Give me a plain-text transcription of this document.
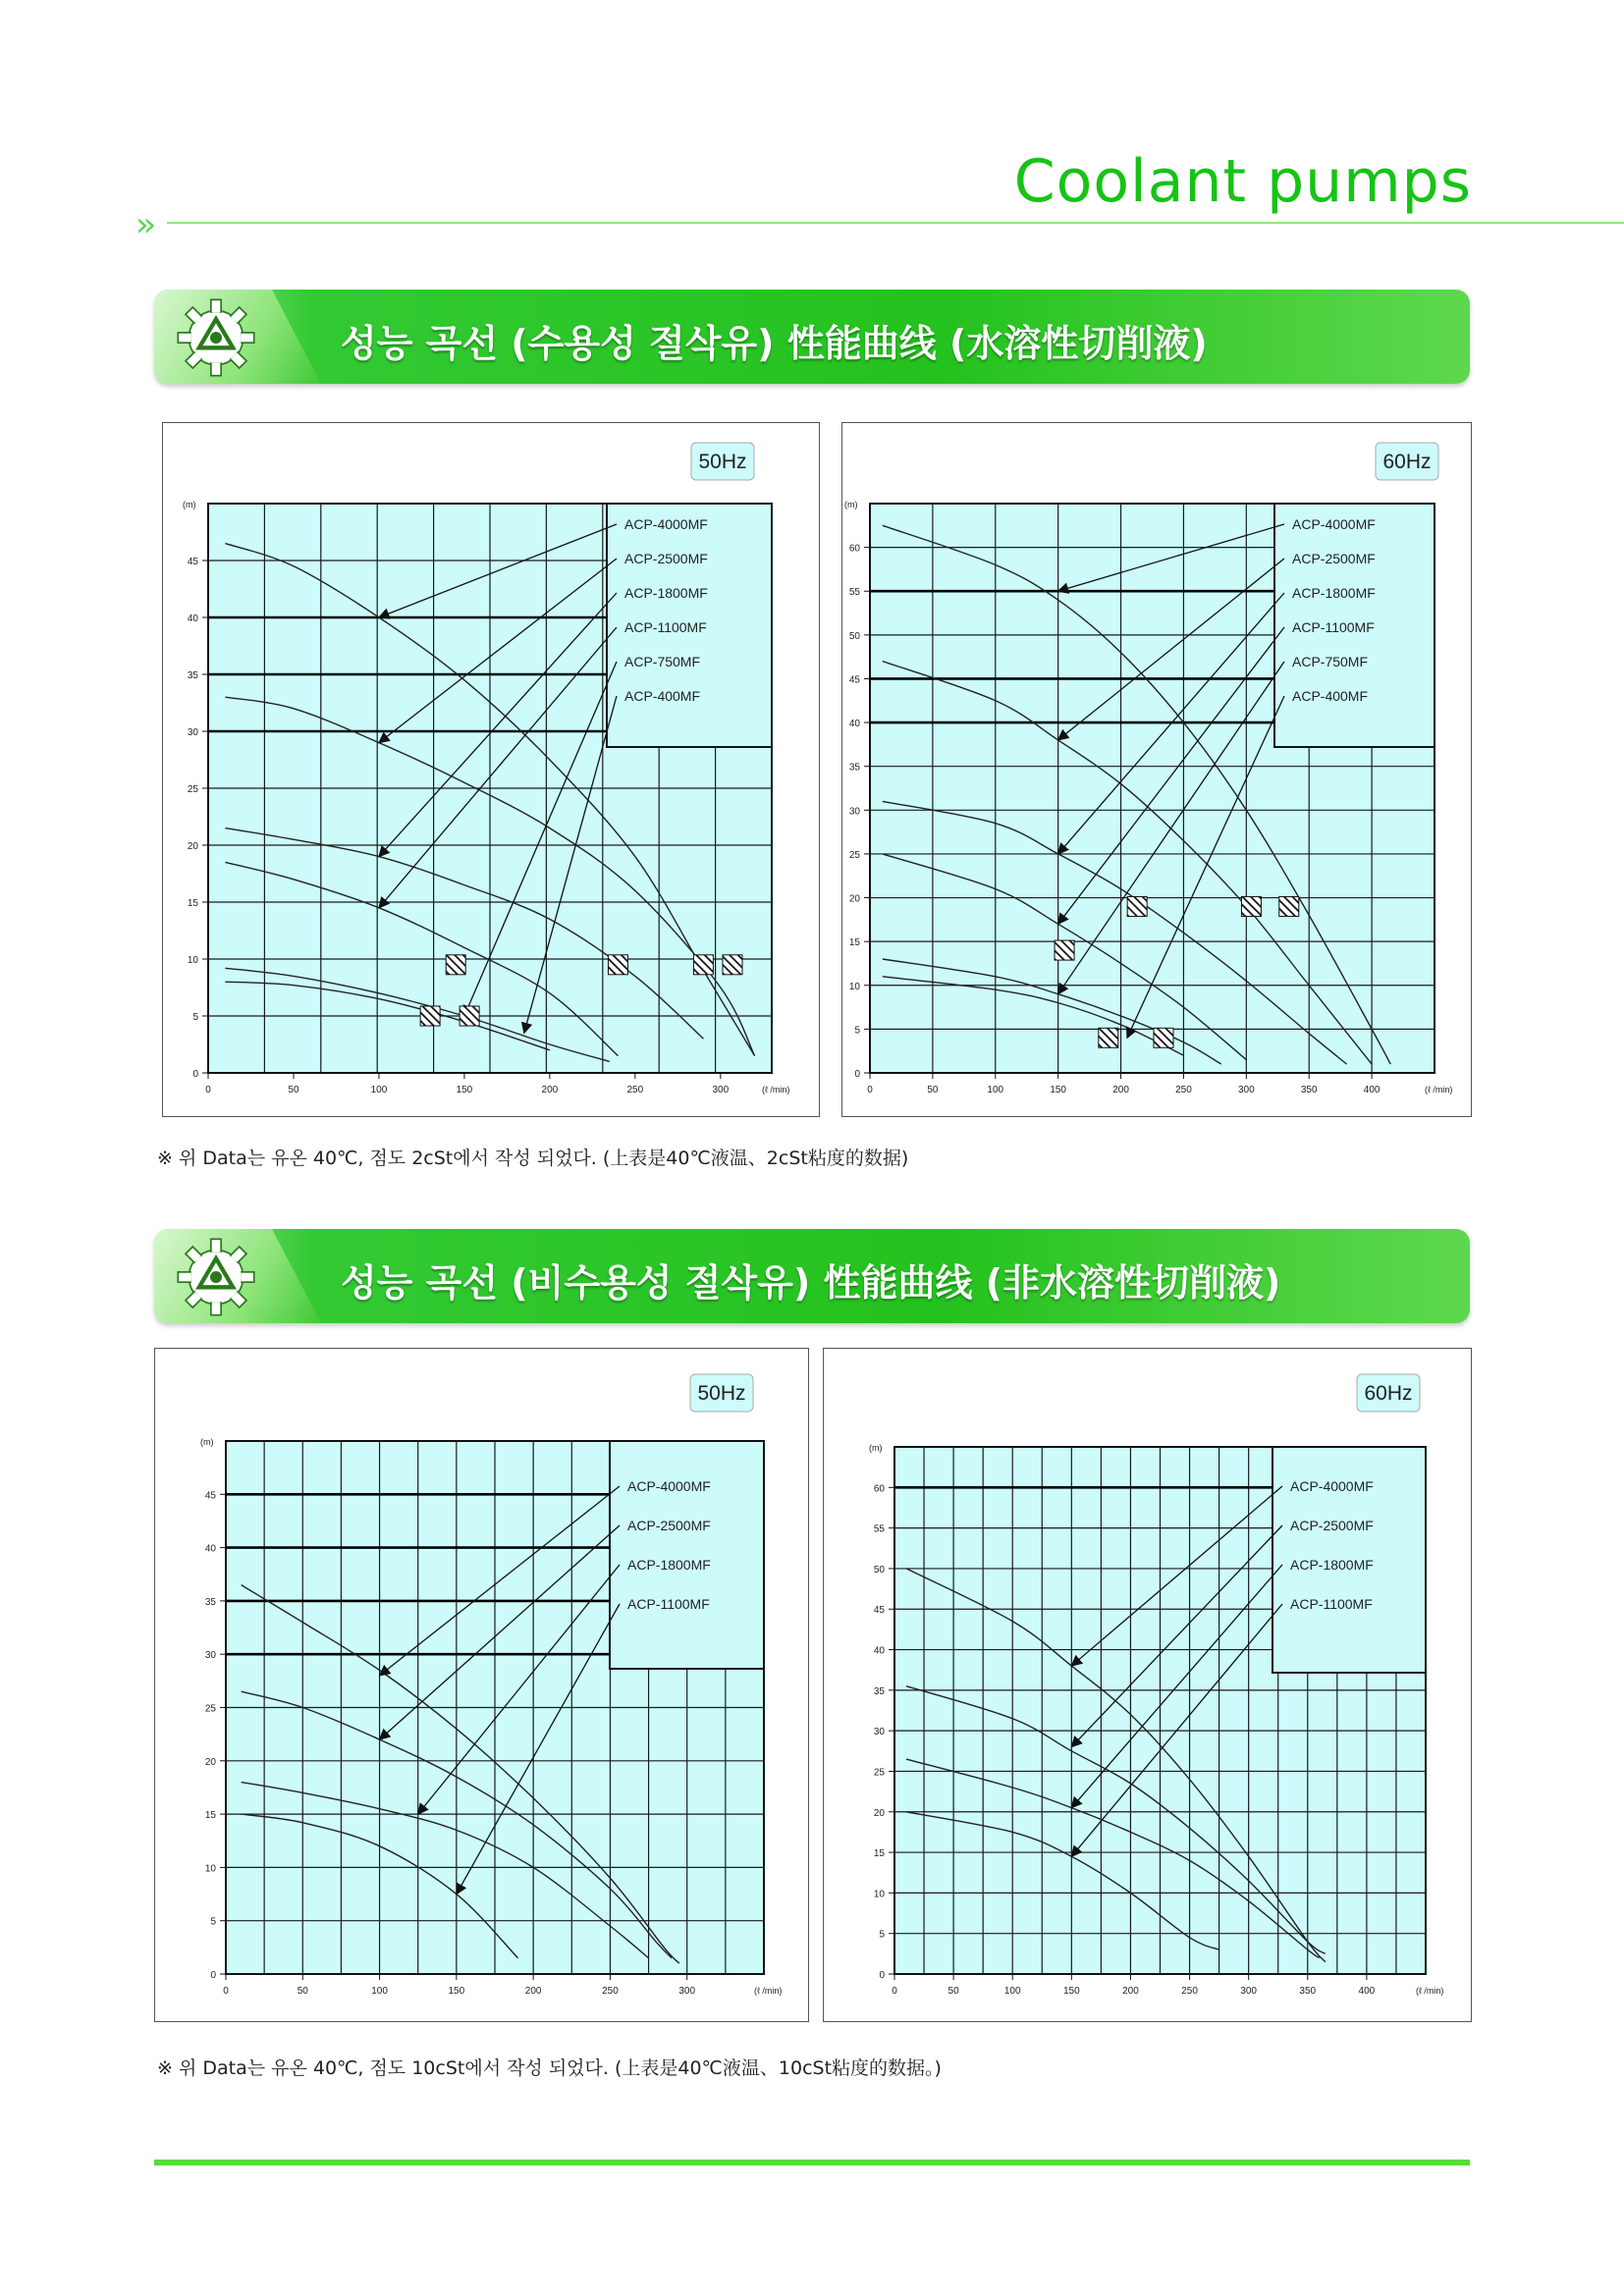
Coolant pumps
››
성능 곡선 (수용성 절삭유) 性能曲线 (水溶性切削液)
0
5
10
15
20
25
30
35
40
45
0	50	100	150	200	250	300
(m)
(ℓ /min)
50Hz
ACP-4000MF
ACP-2500MF
ACP-1800MF
ACP-1100MF
ACP-750MF
ACP-400MF
0
5
10
15
20
25
30
35
40
45
50
55
60
0	50	100	150	200	250	300	350	400
(m)
(ℓ /min)
60Hz
ACP-4000MF
ACP-2500MF
ACP-1800MF
ACP-1100MF
ACP-750MF
ACP-400MF
※ 위 Data는 유온 40℃, 점도 2cSt에서 작성 되었다. (上表是40℃液温、2cSt粘度的数据)
성능 곡선 (비수용성 절삭유) 性能曲线 (非水溶性切削液)
0
5
10
15
20
25
30
35
40
45
0	50	100	150	200	250	300
(m)
(ℓ /min)
50Hz
ACP-4000MF
ACP-2500MF
ACP-1800MF
ACP-1100MF
0
5
10
15
20
25
30
35
40
45
50
55
60
0	50	100	150	200	250	300	350	400
(m)
(ℓ /min)
60Hz
ACP-4000MF
ACP-2500MF
ACP-1800MF
ACP-1100MF
※ 위 Data는 유온 40℃, 점도 10cSt에서 작성 되었다. (上表是40℃液温、10cSt粘度的数据。)
